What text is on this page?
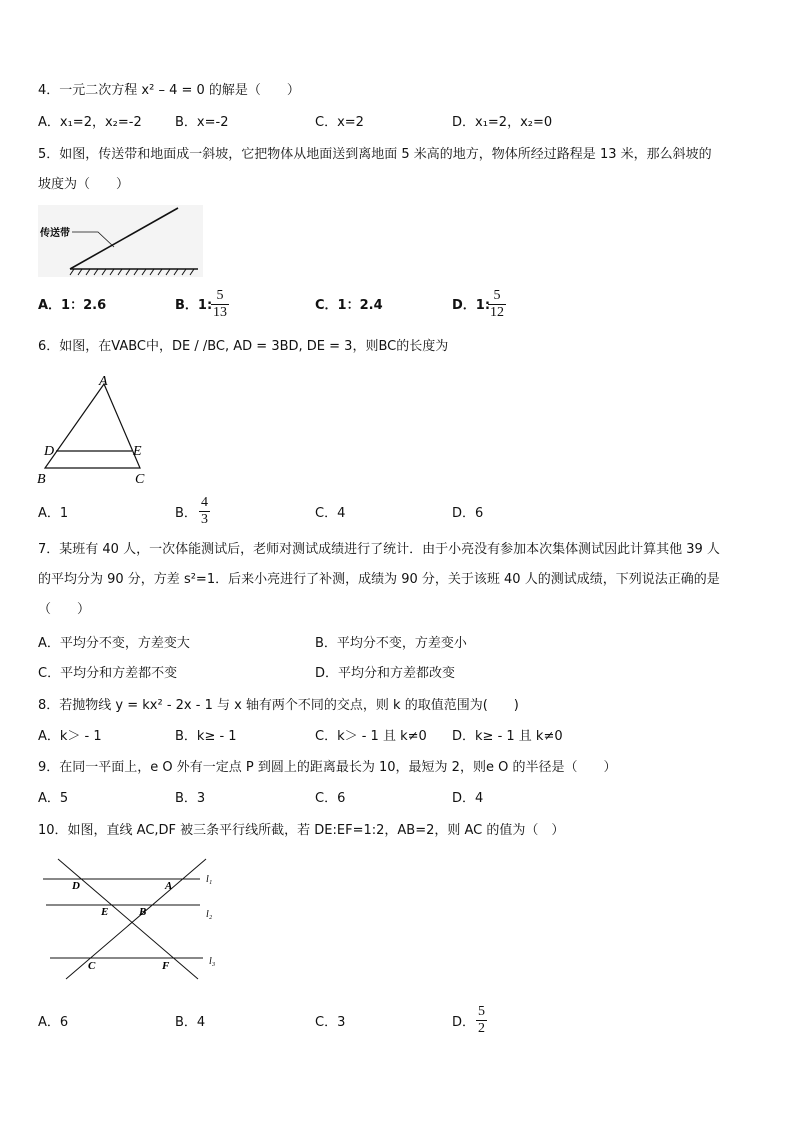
4．一元二次方程 x² – 4 = 0 的解是（　　）
A．x₁=2，x₂=-2	B．x=-2	C．x=2	D．x₁=2，x₂=0
5．如图，传送带和地面成一斜坡，它把物体从地面送到离地面 5 米高的地方，物体所经过路程是 13 米，那么斜坡的
坡度为（　　）
传送带
A．1：2.6	B．1:
$\frac{5}{13}$	C．1：2.4	D．1:
$\frac{5}{12}$
6．如图，在VABC中，DE / /BC, AD = 3BD, DE = 3，则BC的长度为
A
D	E
B	C
A．1	B． $\frac{4}{3}$	C．4	D．6
7．某班有 40 人，一次体能测试后，老师对测试成绩进行了统计．由于小亮没有参加本次集体测试因此计算其他 39 人
的平均分为 90 分，方差 s²=1．后来小亮进行了补测，成绩为 90 分，关于该班 40 人的测试成绩，下列说法正确的是
（　　）
A．平均分不变，方差变大	B．平均分不变，方差变小
C．平均分和方差都不变	D．平均分和方差都改变
8．若抛物线 y = kx² - 2x - 1 与 x 轴有两个不同的交点，则 k 的取值范围为(　　)
A．k＞ - 1	B．k≥ - 1	C．k＞ - 1 且 k≠0 D．k≥ - 1 且 k≠0
9．在同一平面上，e O 外有一定点 P 到圆上的距离最长为 10，最短为 2，则e O 的半径是（　　）
A．5	B．3	C．6	D．4
10．如图，直线 AC,DF 被三条平行线所截，若 DE:EF=1:2，AB=2，则 AC 的值为（　）
D	A
E	B
C	F
l₁
l₂
l₃
A．6	B．4	C．3	D． $\frac{5}{2}$
